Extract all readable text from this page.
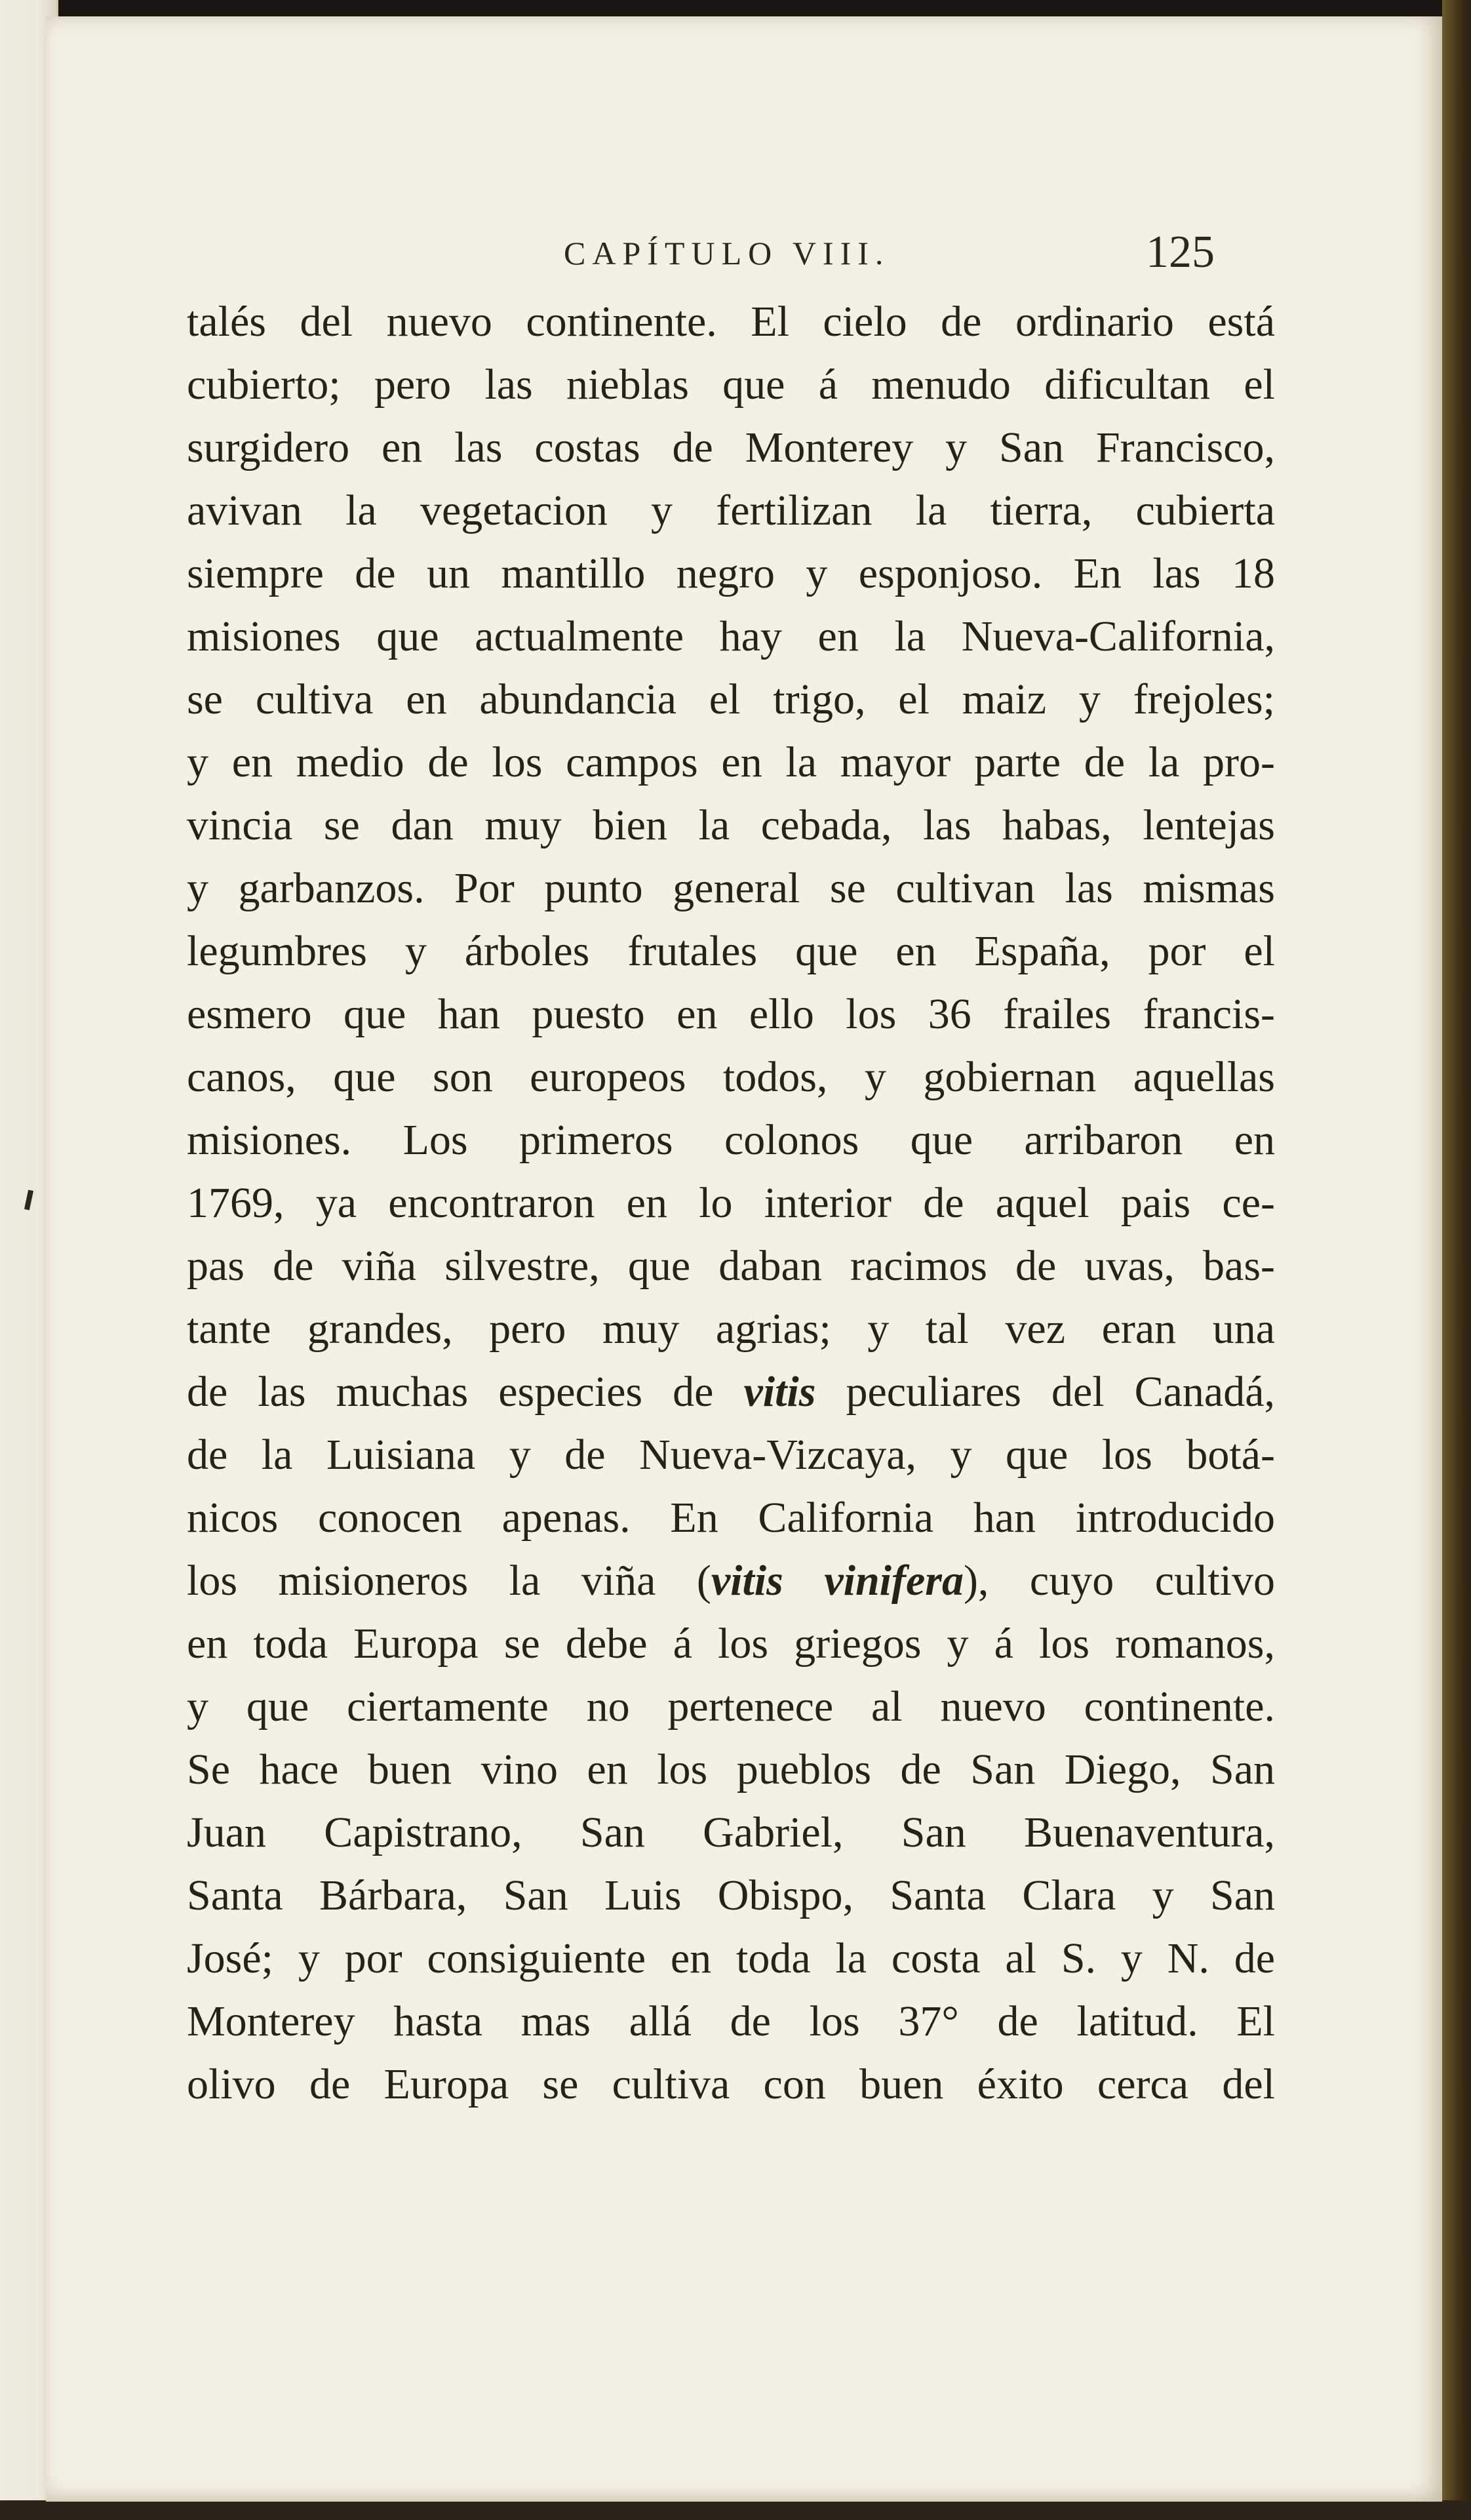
CAPÍTULO VIII.	125
talés del nuevo continente. El cielo de ordinario está
cubierto; pero las nieblas que á menudo dificultan el
surgidero en las costas de Monterey y San Francisco,
avivan la vegetacion y fertilizan la tierra, cubierta
siempre de un mantillo negro y esponjoso. En las 18
misiones que actualmente hay en la Nueva-California,
se cultiva en abundancia el trigo, el maiz y frejoles;
y en medio de los campos en la mayor parte de la pro-
vincia se dan muy bien la cebada, las habas, lentejas
y garbanzos. Por punto general se cultivan las mismas
legumbres y árboles frutales que en España, por el
esmero que han puesto en ello los 36 frailes francis-
canos, que son europeos todos, y gobiernan aquellas
misiones. Los primeros colonos que arribaron en
1769, ya encontraron en lo interior de aquel pais ce-
pas de viña silvestre, que daban racimos de uvas, bas-
tante grandes, pero muy agrias; y tal vez eran una
de las muchas especies de vitis peculiares del Canadá,
de la Luisiana y de Nueva-Vizcaya, y que los botá-
nicos conocen apenas. En California han introducido
los misioneros la viña (vitis vinifera), cuyo cultivo
en toda Europa se debe á los griegos y á los romanos,
y que ciertamente no pertenece al nuevo continente.
Se hace buen vino en los pueblos de San Diego, San
Juan Capistrano, San Gabriel, San Buenaventura,
Santa Bárbara, San Luis Obispo, Santa Clara y San
José; y por consiguiente en toda la costa al S. y N. de
Monterey hasta mas allá de los 37° de latitud. El
olivo de Europa se cultiva con buen éxito cerca del
